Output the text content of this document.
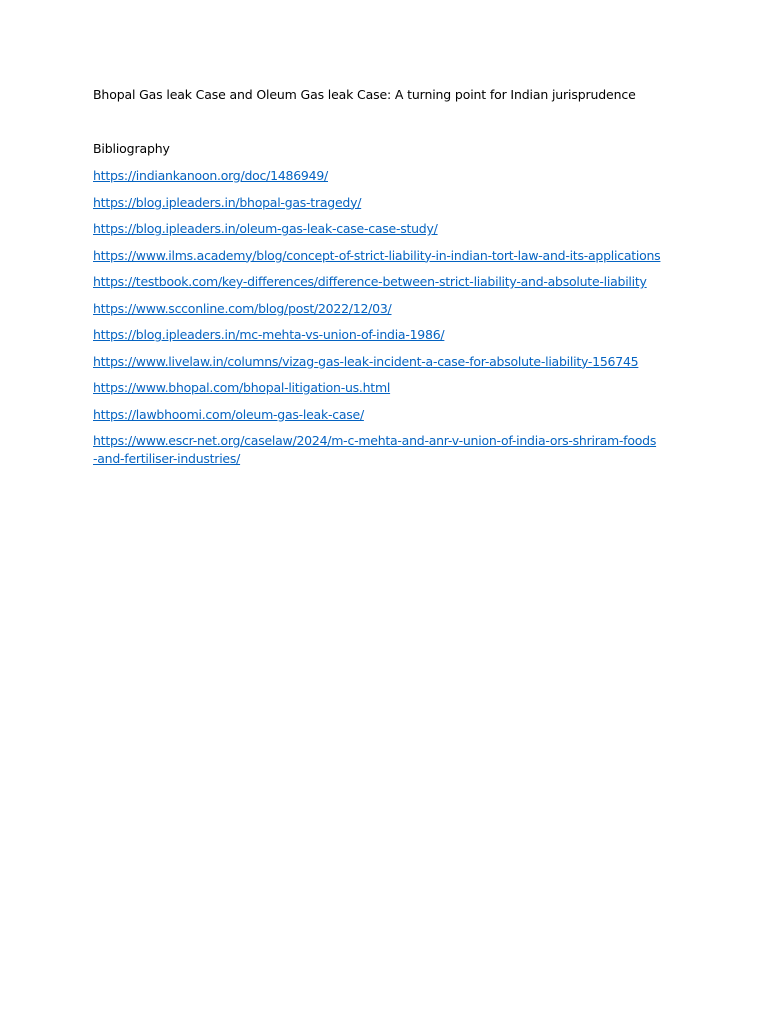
Bhopal Gas leak Case and Oleum Gas leak Case: A turning point for Indian jurisprudence

Bibliography

https://indiankanoon.org/doc/1486949/
https://blog.ipleaders.in/bhopal-gas-tragedy/
https://blog.ipleaders.in/oleum-gas-leak-case-case-study/
https://www.ilms.academy/blog/concept-of-strict-liability-in-indian-tort-law-and-its-applications
https://testbook.com/key-differences/difference-between-strict-liability-and-absolute-liability
https://www.scconline.com/blog/post/2022/12/03/
https://blog.ipleaders.in/mc-mehta-vs-union-of-india-1986/
https://www.livelaw.in/columns/vizag-gas-leak-incident-a-case-for-absolute-liability-156745
https://www.bhopal.com/bhopal-litigation-us.html
https://lawbhoomi.com/oleum-gas-leak-case/
https://www.escr-net.org/caselaw/2024/m-c-mehta-and-anr-v-union-of-india-ors-shriram-foods-and-fertiliser-industries/
